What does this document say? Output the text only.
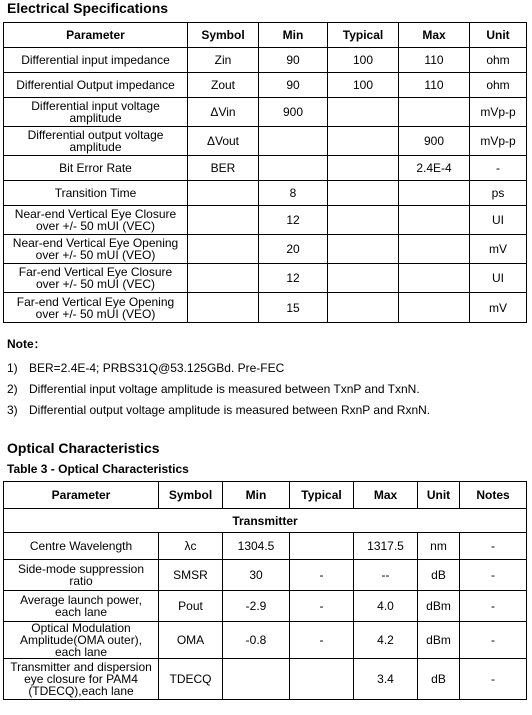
Electrical Specifications
Parameter	Symbol	Min	Typical	Max	Unit
Differential input impedance	Zin	90	100	110	ohm
Differential Output impedance	Zout	90	100	110	ohm
Differential input voltage amplitude	ΔVin	900			mVp-p
Differential output voltage amplitude	ΔVout			900	mVp-p
Bit Error Rate	BER			2.4E-4	-
Transition Time		8			ps
Near-end Vertical Eye Closure over +/- 50 mUI (VEC)		12			UI
Near-end Vertical Eye Opening over +/- 50 mUI (VEO)		20			mV
Far-end Vertical Eye Closure over +/- 50 mUI (VEC)		12			UI
Far-end Vertical Eye Opening over +/- 50 mUI (VEO)		15			mV
Note：
1) BER=2.4E-4; PRBS31Q@53.125GBd. Pre-FEC
2) Differential input voltage amplitude is measured between TxnP and TxnN.
3) Differential output voltage amplitude is measured between RxnP and RxnN.
Optical Characteristics
Table 3 - Optical Characteristics
Parameter	Symbol	Min	Typical	Max	Unit	Notes
Transmitter						
Centre Wavelength	λc	1304.5		1317.5	nm	-
Side-mode suppression ratio	SMSR	30	-	--	dB	-
Average launch power, each lane	Pout	-2.9	-	4.0	dBm	-
Optical Modulation Amplitude(OMA outer), each lane	OMA	-0.8	-	4.2	dBm	-
Transmitter and dispersion eye closure for PAM4 (TDECQ),each lane	TDECQ			3.4	dB	-
